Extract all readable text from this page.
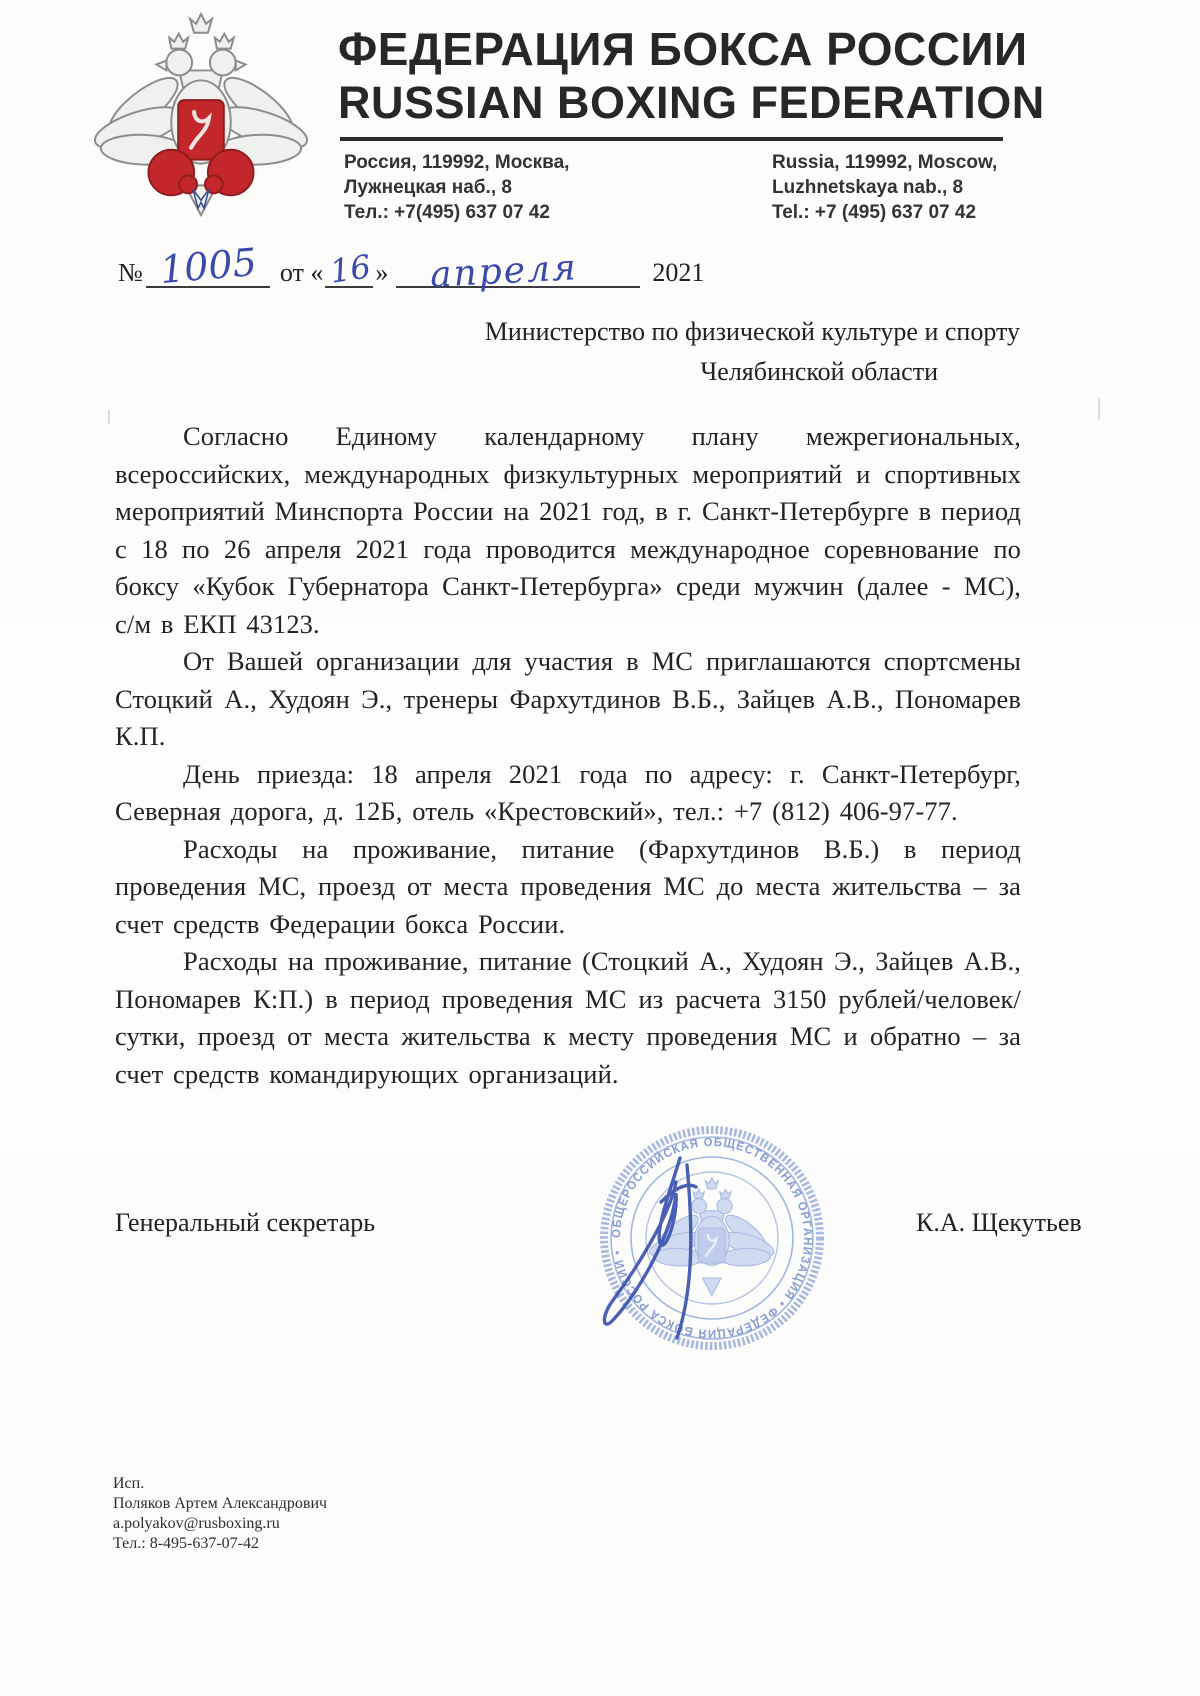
ФЕДЕРАЦИЯ БОКСА РОССИИ
RUSSIAN BOXING FEDERATION
Россия, 119992, Москва,
Лужнецкая наб., 8
Тел.: +7(495) 637 07 42
Russia, 119992, Moscow,
Luzhnetskaya nab., 8
Tel.: +7 (495) 637 07 42
№ 1005 от « 16 » апреля	2021
Министерство по физической культуре и спорту
Челябинской области

Согласно Единому календарному плану межрегиональных, всероссийских, международных физкультурных мероприятий и спортивных мероприятий Минспорта России на 2021 год, в г. Санкт-Петербурге в период с 18 по 26 апреля 2021 года проводится международное соревнование по боксу «Кубок Губернатора Санкт-Петербурга» среди мужчин (далее - МС), с/м в ЕКП 43123.

От Вашей организации для участия в МС приглашаются спортсмены Стоцкий А., Худоян Э., тренеры Фархутдинов В.Б., Зайцев А.В., Пономарев К.П.

День приезда: 18 апреля 2021 года по адресу: г. Санкт-Петербург, Северная дорога, д. 12Б, отель «Крестовский», тел.: +7 (812) 406-97-77.

Расходы на проживание, питание (Фархутдинов В.Б.) в период проведения МС, проезд от места проведения МС до места жительства – за счет средств Федерации бокса России.

Расходы на проживание, питание (Стоцкий А., Худоян Э., Зайцев А.В., Пономарев К:П.) в период проведения МС из расчета 3150 рублей/человек/сутки, проезд от места жительства к месту проведения МС и обратно – за счет средств командирующих организаций.

Генеральный секретарь	К.А. Щекутьев
ОБЩЕРОССИЙСКАЯ ОБЩЕСТВЕННАЯ ОРГАНИЗАЦИЯ • ФЕДЕРАЦИЯ БОКСА РОССИИ •
Исп.
Поляков Артем Александрович
a.polyakov@rusboxing.ru
Тел.: 8-495-637-07-42
